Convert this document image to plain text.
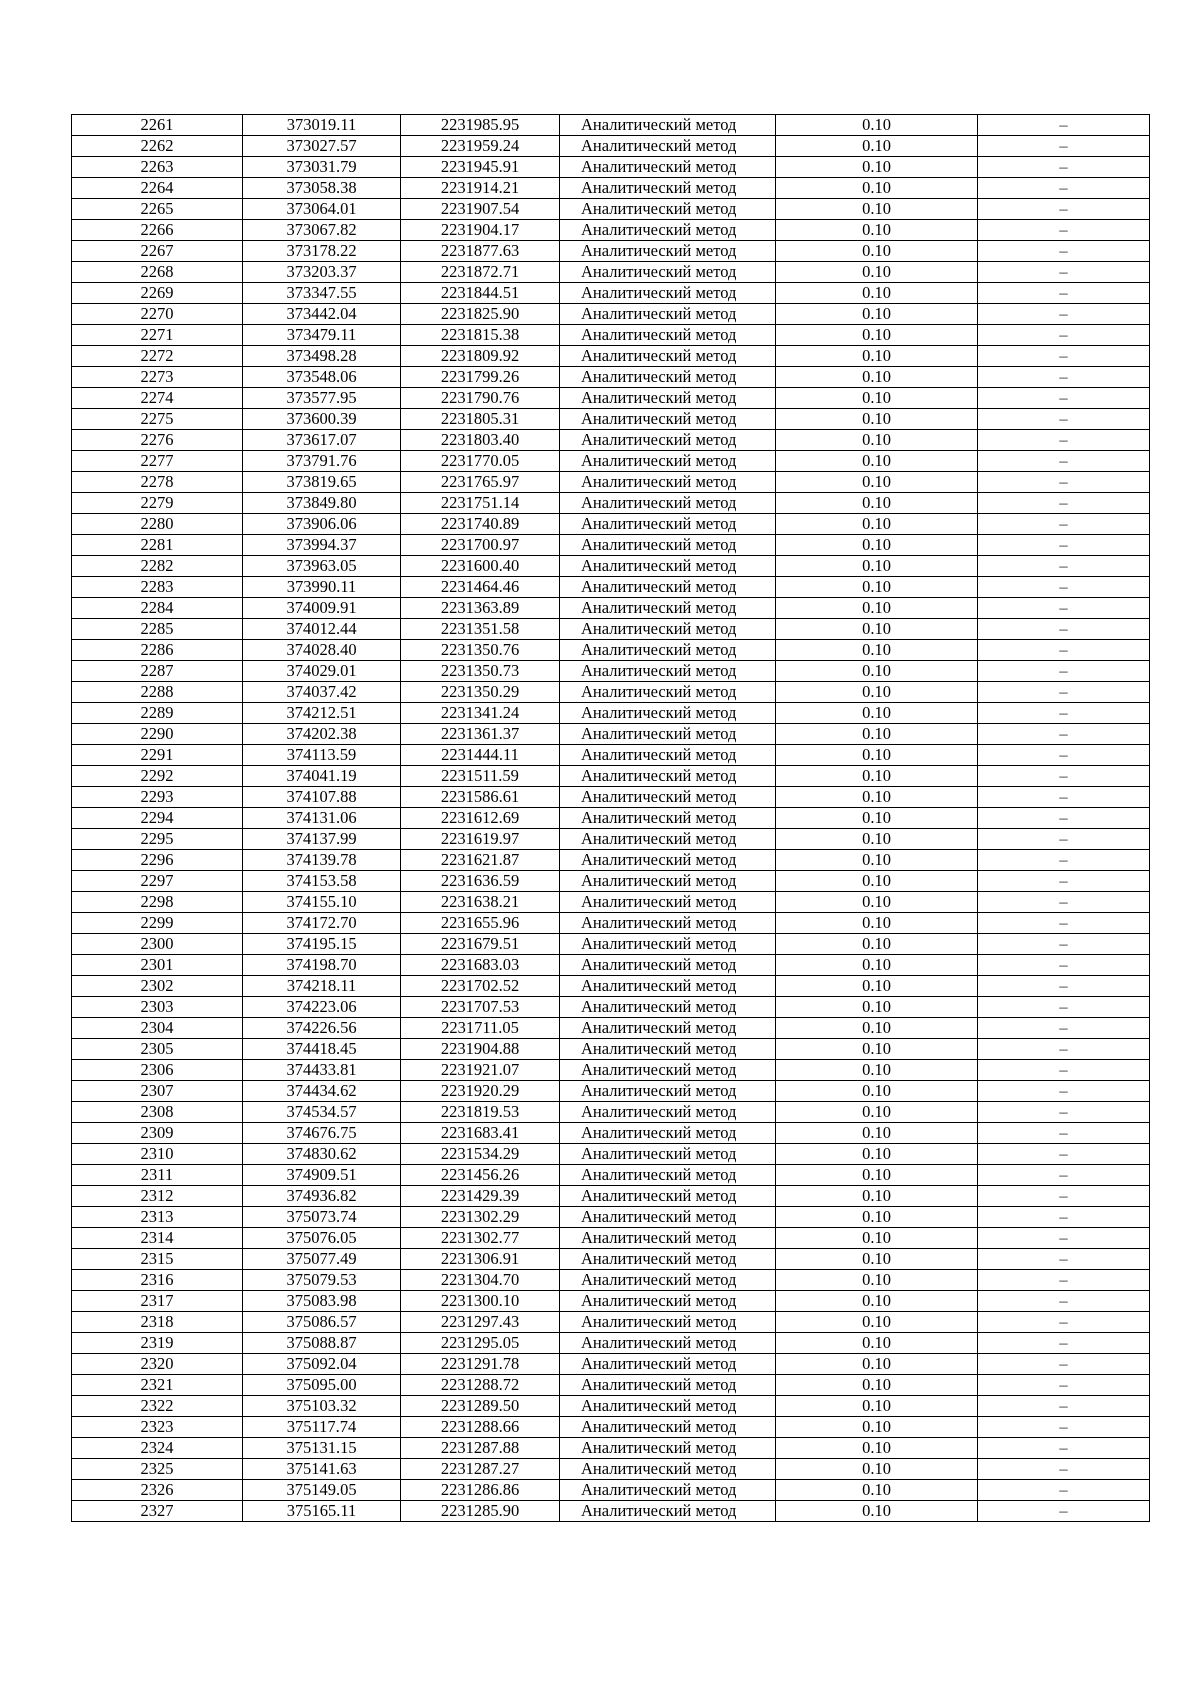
2261	373019.11	2231985.95	Аналитический метод	0.10	–
2262	373027.57	2231959.24	Аналитический метод	0.10	–
2263	373031.79	2231945.91	Аналитический метод	0.10	–
2264	373058.38	2231914.21	Аналитический метод	0.10	–
2265	373064.01	2231907.54	Аналитический метод	0.10	–
2266	373067.82	2231904.17	Аналитический метод	0.10	–
2267	373178.22	2231877.63	Аналитический метод	0.10	–
2268	373203.37	2231872.71	Аналитический метод	0.10	–
2269	373347.55	2231844.51	Аналитический метод	0.10	–
2270	373442.04	2231825.90	Аналитический метод	0.10	–
2271	373479.11	2231815.38	Аналитический метод	0.10	–
2272	373498.28	2231809.92	Аналитический метод	0.10	–
2273	373548.06	2231799.26	Аналитический метод	0.10	–
2274	373577.95	2231790.76	Аналитический метод	0.10	–
2275	373600.39	2231805.31	Аналитический метод	0.10	–
2276	373617.07	2231803.40	Аналитический метод	0.10	–
2277	373791.76	2231770.05	Аналитический метод	0.10	–
2278	373819.65	2231765.97	Аналитический метод	0.10	–
2279	373849.80	2231751.14	Аналитический метод	0.10	–
2280	373906.06	2231740.89	Аналитический метод	0.10	–
2281	373994.37	2231700.97	Аналитический метод	0.10	–
2282	373963.05	2231600.40	Аналитический метод	0.10	–
2283	373990.11	2231464.46	Аналитический метод	0.10	–
2284	374009.91	2231363.89	Аналитический метод	0.10	–
2285	374012.44	2231351.58	Аналитический метод	0.10	–
2286	374028.40	2231350.76	Аналитический метод	0.10	–
2287	374029.01	2231350.73	Аналитический метод	0.10	–
2288	374037.42	2231350.29	Аналитический метод	0.10	–
2289	374212.51	2231341.24	Аналитический метод	0.10	–
2290	374202.38	2231361.37	Аналитический метод	0.10	–
2291	374113.59	2231444.11	Аналитический метод	0.10	–
2292	374041.19	2231511.59	Аналитический метод	0.10	–
2293	374107.88	2231586.61	Аналитический метод	0.10	–
2294	374131.06	2231612.69	Аналитический метод	0.10	–
2295	374137.99	2231619.97	Аналитический метод	0.10	–
2296	374139.78	2231621.87	Аналитический метод	0.10	–
2297	374153.58	2231636.59	Аналитический метод	0.10	–
2298	374155.10	2231638.21	Аналитический метод	0.10	–
2299	374172.70	2231655.96	Аналитический метод	0.10	–
2300	374195.15	2231679.51	Аналитический метод	0.10	–
2301	374198.70	2231683.03	Аналитический метод	0.10	–
2302	374218.11	2231702.52	Аналитический метод	0.10	–
2303	374223.06	2231707.53	Аналитический метод	0.10	–
2304	374226.56	2231711.05	Аналитический метод	0.10	–
2305	374418.45	2231904.88	Аналитический метод	0.10	–
2306	374433.81	2231921.07	Аналитический метод	0.10	–
2307	374434.62	2231920.29	Аналитический метод	0.10	–
2308	374534.57	2231819.53	Аналитический метод	0.10	–
2309	374676.75	2231683.41	Аналитический метод	0.10	–
2310	374830.62	2231534.29	Аналитический метод	0.10	–
2311	374909.51	2231456.26	Аналитический метод	0.10	–
2312	374936.82	2231429.39	Аналитический метод	0.10	–
2313	375073.74	2231302.29	Аналитический метод	0.10	–
2314	375076.05	2231302.77	Аналитический метод	0.10	–
2315	375077.49	2231306.91	Аналитический метод	0.10	–
2316	375079.53	2231304.70	Аналитический метод	0.10	–
2317	375083.98	2231300.10	Аналитический метод	0.10	–
2318	375086.57	2231297.43	Аналитический метод	0.10	–
2319	375088.87	2231295.05	Аналитический метод	0.10	–
2320	375092.04	2231291.78	Аналитический метод	0.10	–
2321	375095.00	2231288.72	Аналитический метод	0.10	–
2322	375103.32	2231289.50	Аналитический метод	0.10	–
2323	375117.74	2231288.66	Аналитический метод	0.10	–
2324	375131.15	2231287.88	Аналитический метод	0.10	–
2325	375141.63	2231287.27	Аналитический метод	0.10	–
2326	375149.05	2231286.86	Аналитический метод	0.10	–
2327	375165.11	2231285.90	Аналитический метод	0.10	–
